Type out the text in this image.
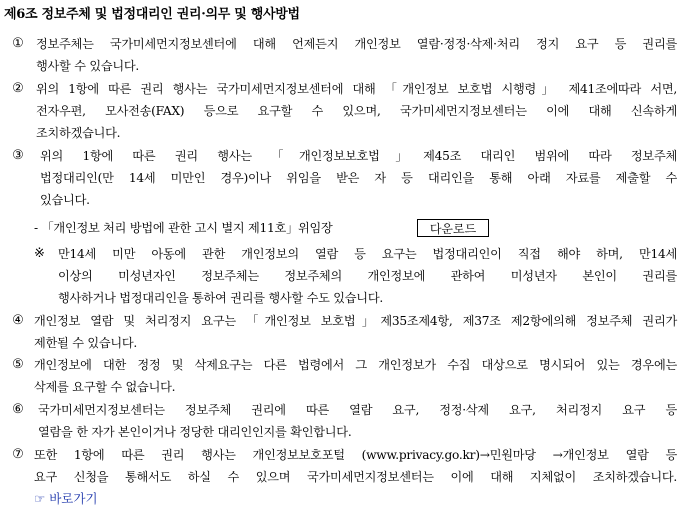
제6조 정보주체 및 법정대리인 권리·의무 및 행사방법
① 정보주체는 국가미세먼지정보센터에 대해 언제든지 개인정보 열람·정정·삭제·처리 정지 요구 등 권리를
행사할 수 있습니다.
② 위의 1항에 따른 권리 행사는 국가미세먼지정보센터에 대해 「개인정보 보호법 시행령」 제41조에따라 서면,
전자우편, 모사전송(FAX) 등으로 요구할 수 있으며, 국가미세먼지정보센터는 이에 대해 신속하게
조치하겠습니다.
③ 위의 1항에 따른 권리 행사는 「개인정보보호법」제45조 대리인 범위에 따라 정보주체
법정대리인(만 14세 미만인 경우)이나 위임을 받은 자 등 대리인을 통해 아래 자료를 제출할 수
있습니다.
- 「개인정보 처리 방법에 관한 고시 별지 제11호」위임장	다운로드
※ 만14세 미만 아동에 관한 개인정보의 열람 등 요구는 법정대리인이 직접 해야 하며, 만14세
이상의 미성년자인 정보주체는 정보주체의 개인정보에 관하여 미성년자 본인이 권리를
행사하거나 법정대리인을 통하여 권리를 행사할 수도 있습니다.
④ 개인정보 열람 및 처리정지 요구는 「개인정보 보호법」제35조제4항, 제37조 제2항에의해 정보주체 권리가
제한될 수 있습니다.
⑤ 개인정보에 대한 정정 및 삭제요구는 다른 법령에서 그 개인정보가 수집 대상으로 명시되어 있는 경우에는
삭제를 요구할 수 없습니다.
⑥ 국가미세먼지정보센터는 정보주체 권리에 따른 열람 요구, 정정·삭제 요구, 처리정지 요구 등
열람을 한 자가 본인이거나 정당한 대리인인지를 확인합니다.
⑦ 또한 1항에 따른 권리 행사는 개인정보보호포털 (www.privacy.go.kr)→민원마당 →개인정보 열람 등
요구 신청을 통해서도 하실 수 있으며 국가미세먼지정보센터는 이에 대해 지체없이 조치하겠습니다.
☞ 바로가기
